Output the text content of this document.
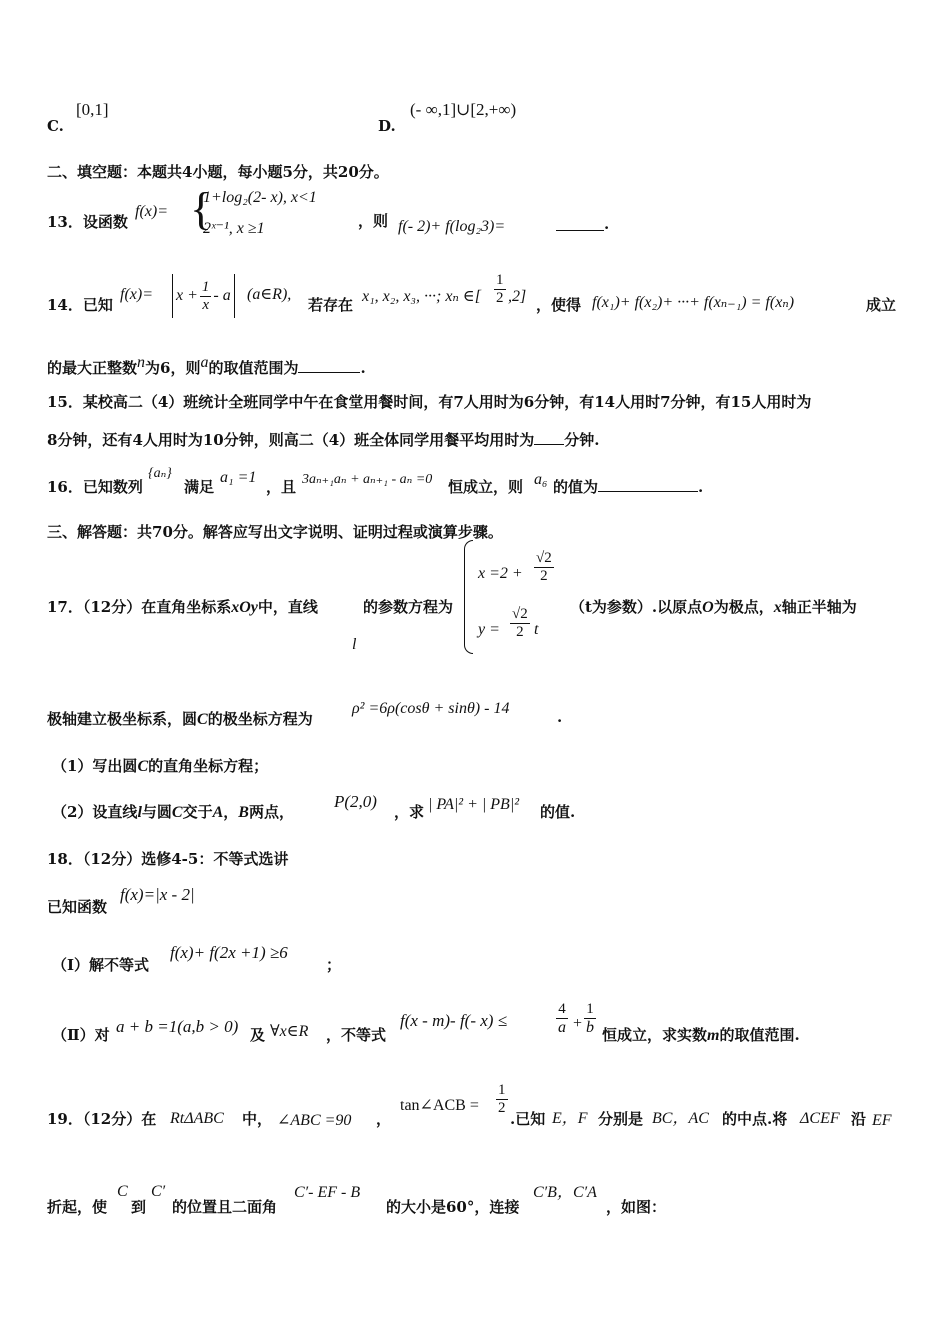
C.
[0,1]
D.
(- ∞,1]∪[2,+∞)
二、填空题：本题共4小题，每小题5分，共20分。
13．设函数
f(x)= {
1+log₂(2- x), x<1
2ˣ⁻¹, x ≥1	，则 f(- 2)+ f(log₂3)=	.
14．已知
$f(x)= x + \frac{1}{x} - a$ (a∈R),
若存在 x₁, x₂, x₃, ···; xₙ ∈[ $\frac{1}{2} ,2$] ，使得 f(x₁)+ f(x₂)+ ···+ f(xₙ₋₁) = f(xₙ)	成立
的最大正整数n为6，则a的取值范围为	.
15．某校高二（4）班统计全班同学中午在食堂用餐时间，有7人用时为6分钟，有14人用时7分钟，有15人用时为
8分钟，还有4人用时为10分钟，则高二（4）班全体同学用餐平均用时为 分钟.
16．已知数列
{aₙ}
满足
a₁ =1
，且 3aₙ₊₁aₙ + aₙ₊₁ - aₙ =0 恒成立，则 a₆ 的值为	.
三、解答题：共70分。解答应写出文字说明、证明过程或演算步骤。
17．（12分）在直角坐标系xOy中，直线
l
的参数方程为
$x =2 + \frac{√2}{2}$
$y = \frac{√2}{2}$ t
（t为参数）.以原点O为极点，x轴正半轴为
极轴建立极坐标系，圆C的极坐标方程为
ρ² =6ρ(cosθ + sinθ) - 14	.
（1）写出圆C的直角坐标方程；
（2）设直线l与圆C交于A，B两点，
P(2,0)
，求 | PA|² + | PB|² 的值.
18．（12分）选修4-5：不等式选讲
已知函数
f(x)=|x - 2|
（Ⅰ）解不等式
f(x)+ f(2x +1) ≥6
；
（Ⅱ）对 a + b =1(a,b > 0) 及 ∀x∈R ，不等式
f(x - m)- f(- x) ≤	$\frac{4}{a} + \frac{1}{b}$ 恒成立，求实数m的取值范围.
19．（12分）在 RtΔABC 中， ∠ABC =90 ，
tan∠ACB = $\frac{1}{2}$
.已知 E，F 分别是 BC，AC 的中点.将 ΔCEF 沿 EF
折起，使
C
到
C′
的位置且二面角
C′- EF - B
的大小是60°，连接
C′B，C′A
，如图：
